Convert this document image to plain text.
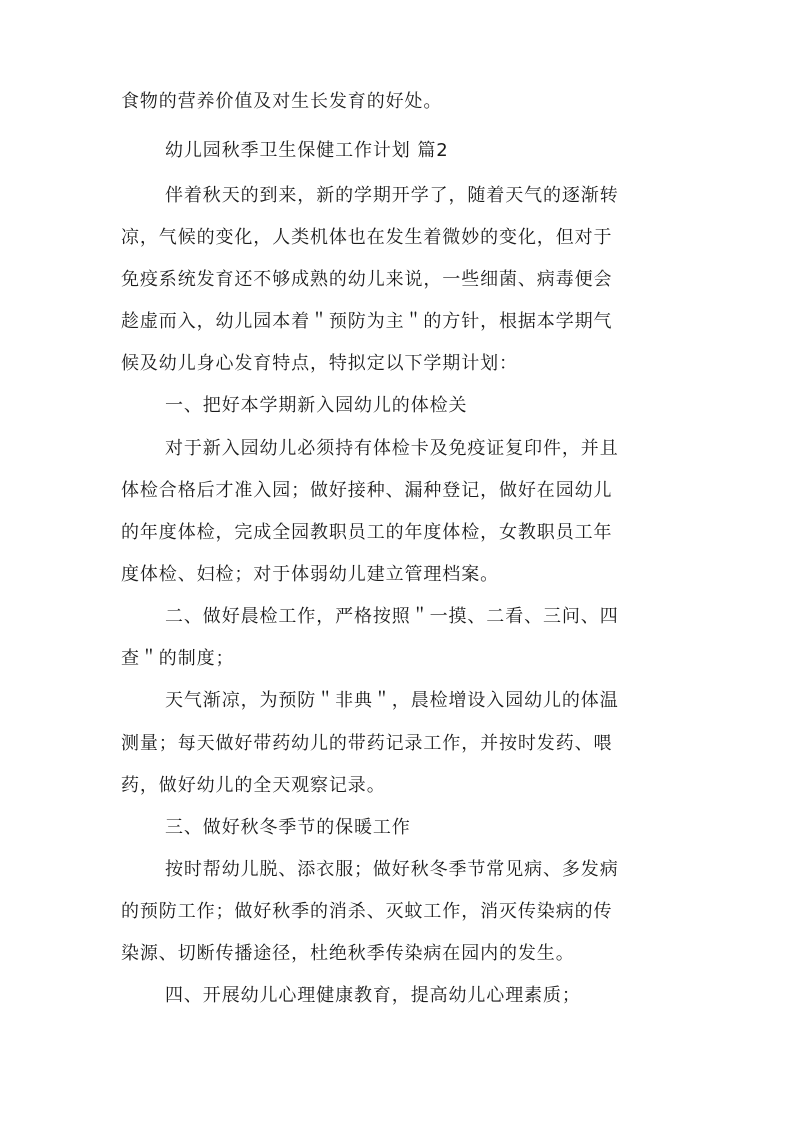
食物的营养价值及对生长发育的好处。
幼儿园秋季卫生保健工作计划 篇2
伴着秋天的到来，新的学期开学了，随着天气的逐渐转
凉，气候的变化，人类机体也在发生着微妙的变化，但对于
免疫系统发育还不够成熟的幼儿来说，一些细菌、病毒便会
趁虚而入，幼儿园本着＂预防为主＂的方针，根据本学期气
候及幼儿身心发育特点，特拟定以下学期计划：
一、把好本学期新入园幼儿的体检关
对于新入园幼儿必须持有体检卡及免疫证复印件，并且
体检合格后才准入园；做好接种、漏种登记，做好在园幼儿
的年度体检，完成全园教职员工的年度体检，女教职员工年
度体检、妇检；对于体弱幼儿建立管理档案。
二、做好晨检工作，严格按照＂一摸、二看、三问、四
查＂的制度；
天气渐凉，为预防＂非典＂，晨检增设入园幼儿的体温
测量；每天做好带药幼儿的带药记录工作，并按时发药、喂
药，做好幼儿的全天观察记录。
三、做好秋冬季节的保暖工作
按时帮幼儿脱、添衣服；做好秋冬季节常见病、多发病
的预防工作；做好秋季的消杀、灭蚊工作，消灭传染病的传
染源、切断传播途径，杜绝秋季传染病在园内的发生。
四、开展幼儿心理健康教育，提高幼儿心理素质；
